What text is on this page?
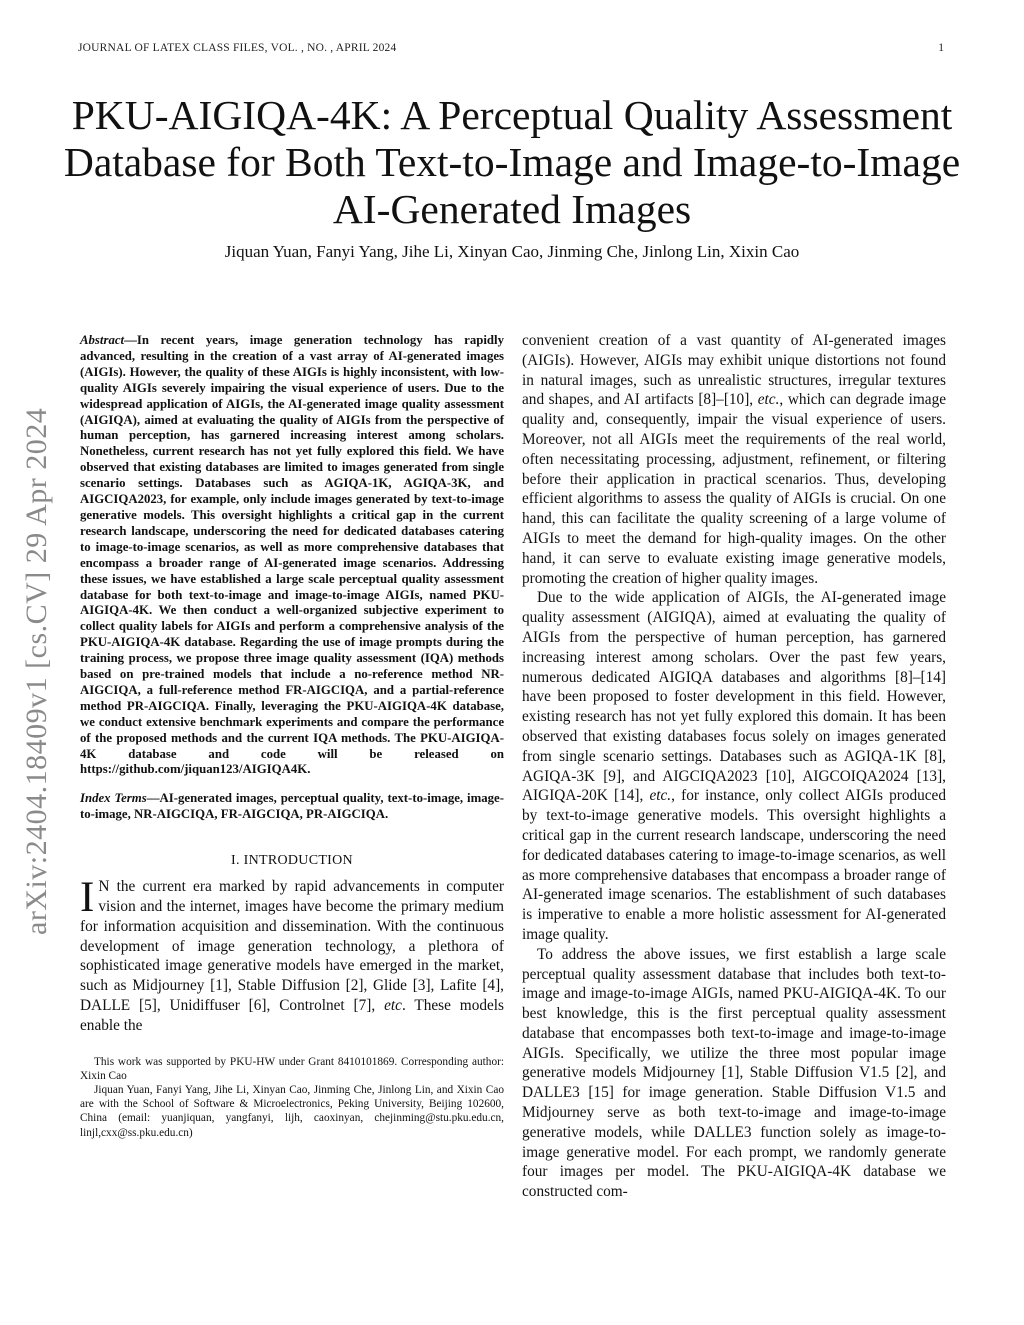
JOURNAL OF LATEX CLASS FILES, VOL. , NO. , APRIL 2024	1
PKU-AIGIQA-4K: A Perceptual Quality Assessment Database for Both Text-to-Image and Image-to-Image AI-Generated Images
Jiquan Yuan, Fanyi Yang, Jihe Li, Xinyan Cao, Jinming Che, Jinlong Lin, Xixin Cao
arXiv:2404.18409v1 [cs.CV] 29 Apr 2024

Abstract—In recent years, image generation technology has rapidly advanced, resulting in the creation of a vast array of AI-generated images (AIGIs). However, the quality of these AIGIs is highly inconsistent, with low-quality AIGIs severely impairing the visual experience of users. Due to the widespread application of AIGIs, the AI-generated image quality assessment (AIGIQA), aimed at evaluating the quality of AIGIs from the perspective of human perception, has garnered increasing interest among scholars. Nonetheless, current research has not yet fully explored this field. We have observed that existing databases are limited to images generated from single scenario settings. Databases such as AGIQA-1K, AGIQA-3K, and AIGCIQA2023, for example, only include images generated by text-to-image generative models. This oversight highlights a critical gap in the current research landscape, underscoring the need for dedicated databases catering to image-to-image scenarios, as well as more comprehensive databases that encompass a broader range of AI-generated image scenarios. Addressing these issues, we have established a large scale perceptual quality assessment database for both text-to-image and image-to-image AIGIs, named PKU-AIGIQA-4K. We then conduct a well-organized subjective experiment to collect quality labels for AIGIs and perform a comprehensive analysis of the PKU-AIGIQA-4K database. Regarding the use of image prompts during the training process, we propose three image quality assessment (IQA) methods based on pre-trained models that include a no-reference method NR-AIGCIQA, a full-reference method FR-AIGCIQA, and a partial-reference method PR-AIGCIQA. Finally, leveraging the PKU-AIGIQA-4K database, we conduct extensive benchmark experiments and compare the performance of the proposed methods and the current IQA methods. The PKU-AIGIQA-4K database and code will be released on https://github.com/jiquan123/AIGIQA4K.

Index Terms—AI-generated images, perceptual quality, text-to-image, image-to-image, NR-AIGCIQA, FR-AIGCIQA, PR-AIGCIQA.

I. INTRODUCTION

I N the current era marked by rapid advancements in computer vision and the internet, images have become the primary medium for information acquisition and dissemination. With the continuous development of image generation technology, a plethora of sophisticated image generative models have emerged in the market, such as Midjourney [1], Stable Diffusion [2], Glide [3], Lafite [4], DALLE [5], Unidiffuser [6], Controlnet [7], etc. These models enable the

This work was supported by PKU-HW under Grant 8410101869. Corresponding author: Xixin Cao

Jiquan Yuan, Fanyi Yang, Jihe Li, Xinyan Cao, Jinming Che, Jinlong Lin, and Xixin Cao are with the School of Software & Microelectronics, Peking University, Beijing 102600, China (email: yuanjiquan, yangfanyi, lijh, caoxinyan, chejinming@stu.pku.edu.cn, linjl,cxx@ss.pku.edu.cn)

convenient creation of a vast quantity of AI-generated images (AIGIs). However, AIGIs may exhibit unique distortions not found in natural images, such as unrealistic structures, irregular textures and shapes, and AI artifacts [8]–[10], etc., which can degrade image quality and, consequently, impair the visual experience of users. Moreover, not all AIGIs meet the requirements of the real world, often necessitating processing, adjustment, refinement, or filtering before their application in practical scenarios. Thus, developing efficient algorithms to assess the quality of AIGIs is crucial. On one hand, this can facilitate the quality screening of a large volume of AIGIs to meet the demand for high-quality images. On the other hand, it can serve to evaluate existing image generative models, promoting the creation of higher quality images.

Due to the wide application of AIGIs, the AI-generated image quality assessment (AIGIQA), aimed at evaluating the quality of AIGIs from the perspective of human perception, has garnered increasing interest among scholars. Over the past few years, numerous dedicated AIGIQA databases and algorithms [8]–[14] have been proposed to foster development in this field. However, existing research has not yet fully explored this domain. It has been observed that existing databases focus solely on images generated from single scenario settings. Databases such as AGIQA-1K [8], AGIQA-3K [9], and AIGCIQA2023 [10], AIGCOIQA2024 [13], AIGIQA-20K [14], etc., for instance, only collect AIGIs produced by text-to-image generative models. This oversight highlights a critical gap in the current research landscape, underscoring the need for dedicated databases catering to image-to-image scenarios, as well as more comprehensive databases that encompass a broader range of AI-generated image scenarios. The establishment of such databases is imperative to enable a more holistic assessment for AI-generated image quality.

To address the above issues, we first establish a large scale perceptual quality assessment database that includes both text-to-image and image-to-image AIGIs, named PKU-AIGIQA-4K. To our best knowledge, this is the first perceptual quality assessment database that encompasses both text-to-image and image-to-image AIGIs. Specifically, we utilize the three most popular image generative models Midjourney [1], Stable Diffusion V1.5 [2], and DALLE3 [15] for image generation. Stable Diffusion V1.5 and Midjourney serve as both text-to-image and image-to-image generative models, while DALLE3 function solely as image-to-image generative model. For each prompt, we randomly generate four images per model. The PKU-AIGIQA-4K database we constructed com-
